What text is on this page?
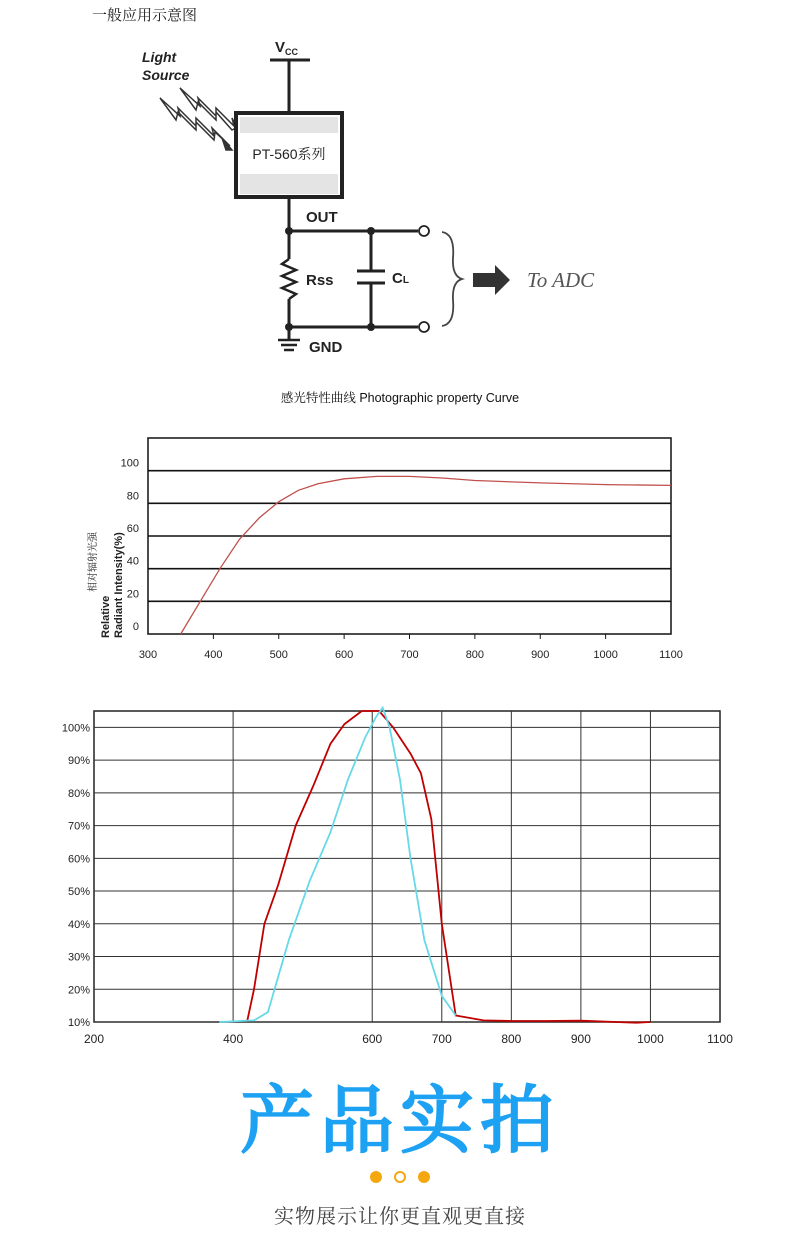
一般应用示意图
Light
Source
$V_{CC}$
PT-560系列
OUT
Rss	CL
GND
To ADC
感光特性曲线 Photographic property Curve
0
20
40
60
80
100
300	400	500	600	700	800	900	1000	1100
Relative Radiant Intensity(%)
相对辐射光强
10%
20%
30%
40%
50%
60%
70%
80%
90%
100%
200	400	600	700	800	900	1000	1100
产品实拍
实物展示让你更直观更直接
